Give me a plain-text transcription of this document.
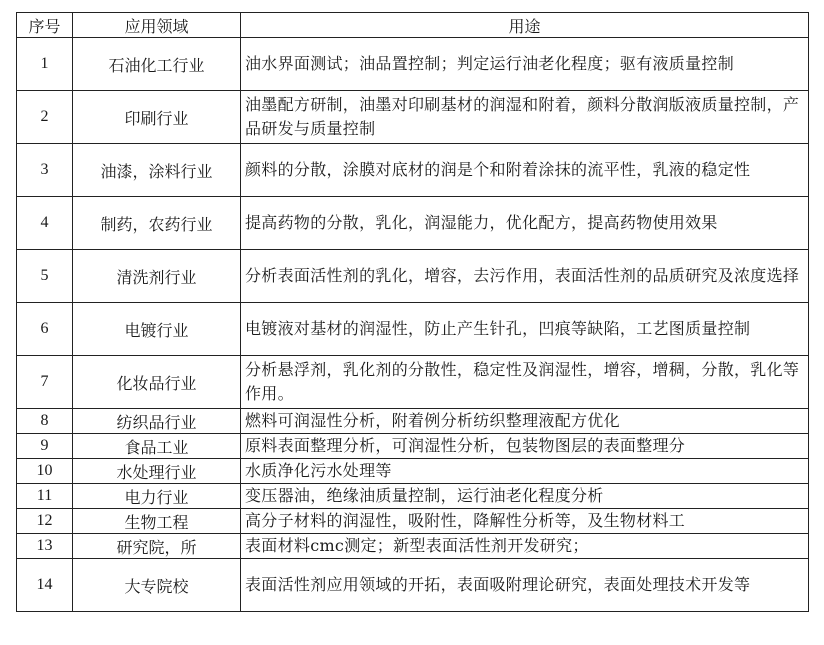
序号	应用领域	用途
1	石油化工行业	油水界面测试；油品置控制；判定运行油老化程度；驱有液质量控制
2	印刷行业	油墨配方研制，油墨对印刷基材的润湿和附着，颜料分散润版液质量控制，产品研发与质量控制
3	油漆，涂料行业	颜料的分散，涂膜对底材的润是个和附着涂抹的流平性，乳液的稳定性
4	制药，农药行业	提高药物的分散，乳化，润湿能力，优化配方，提高药物使用效果
5	清洗剂行业	分析表面活性剂的乳化，增容，去污作用，表面活性剂的品质研究及浓度选择
6	电镀行业	电镀液对基材的润湿性，防止产生针孔，凹痕等缺陷，工艺图质量控制
7	化妆品行业	分析悬浮剂，乳化剂的分散性，稳定性及润湿性，增容，增稠，分散，乳化等作用。
8	纺织品行业	燃料可润湿性分析，附着例分析纺织整理液配方优化
9	食品工业	原料表面整理分析，可润湿性分析，包装物图层的表面整理分
10	水处理行业	水质净化污水处理等
11	电力行业	变压器油，绝缘油质量控制，运行油老化程度分析
12	生物工程	高分子材料的润湿性，吸附性，降解性分析等，及生物材料工
13	研究院，所	表面材料cmc测定；新型表面活性剂开发研究；
14	大专院校	表面活性剂应用领域的开拓，表面吸附理论研究，表面处理技术开发等
